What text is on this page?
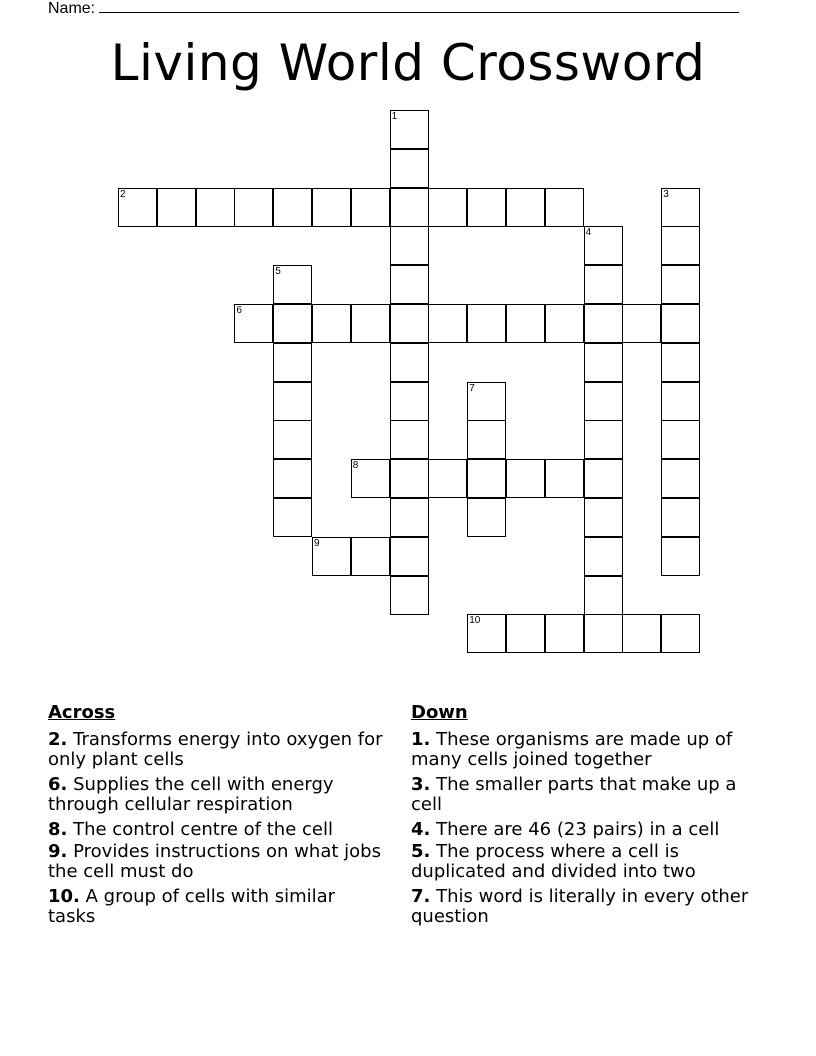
Name:
Living World Crossword
2
6
8
9
10
1
3
4
5
7
Across
2. Transforms energy into oxygen for only plant cells
6. Supplies the cell with energy through cellular respiration
8. The control centre of the cell
9. Provides instructions on what jobs the cell must do
10. A group of cells with similar tasks
Down
1. These organisms are made up of many cells joined together
3. The smaller parts that make up a cell
4. There are 46 (23 pairs) in a cell
5. The process where a cell is duplicated and divided into two
7. This word is literally in every other question
